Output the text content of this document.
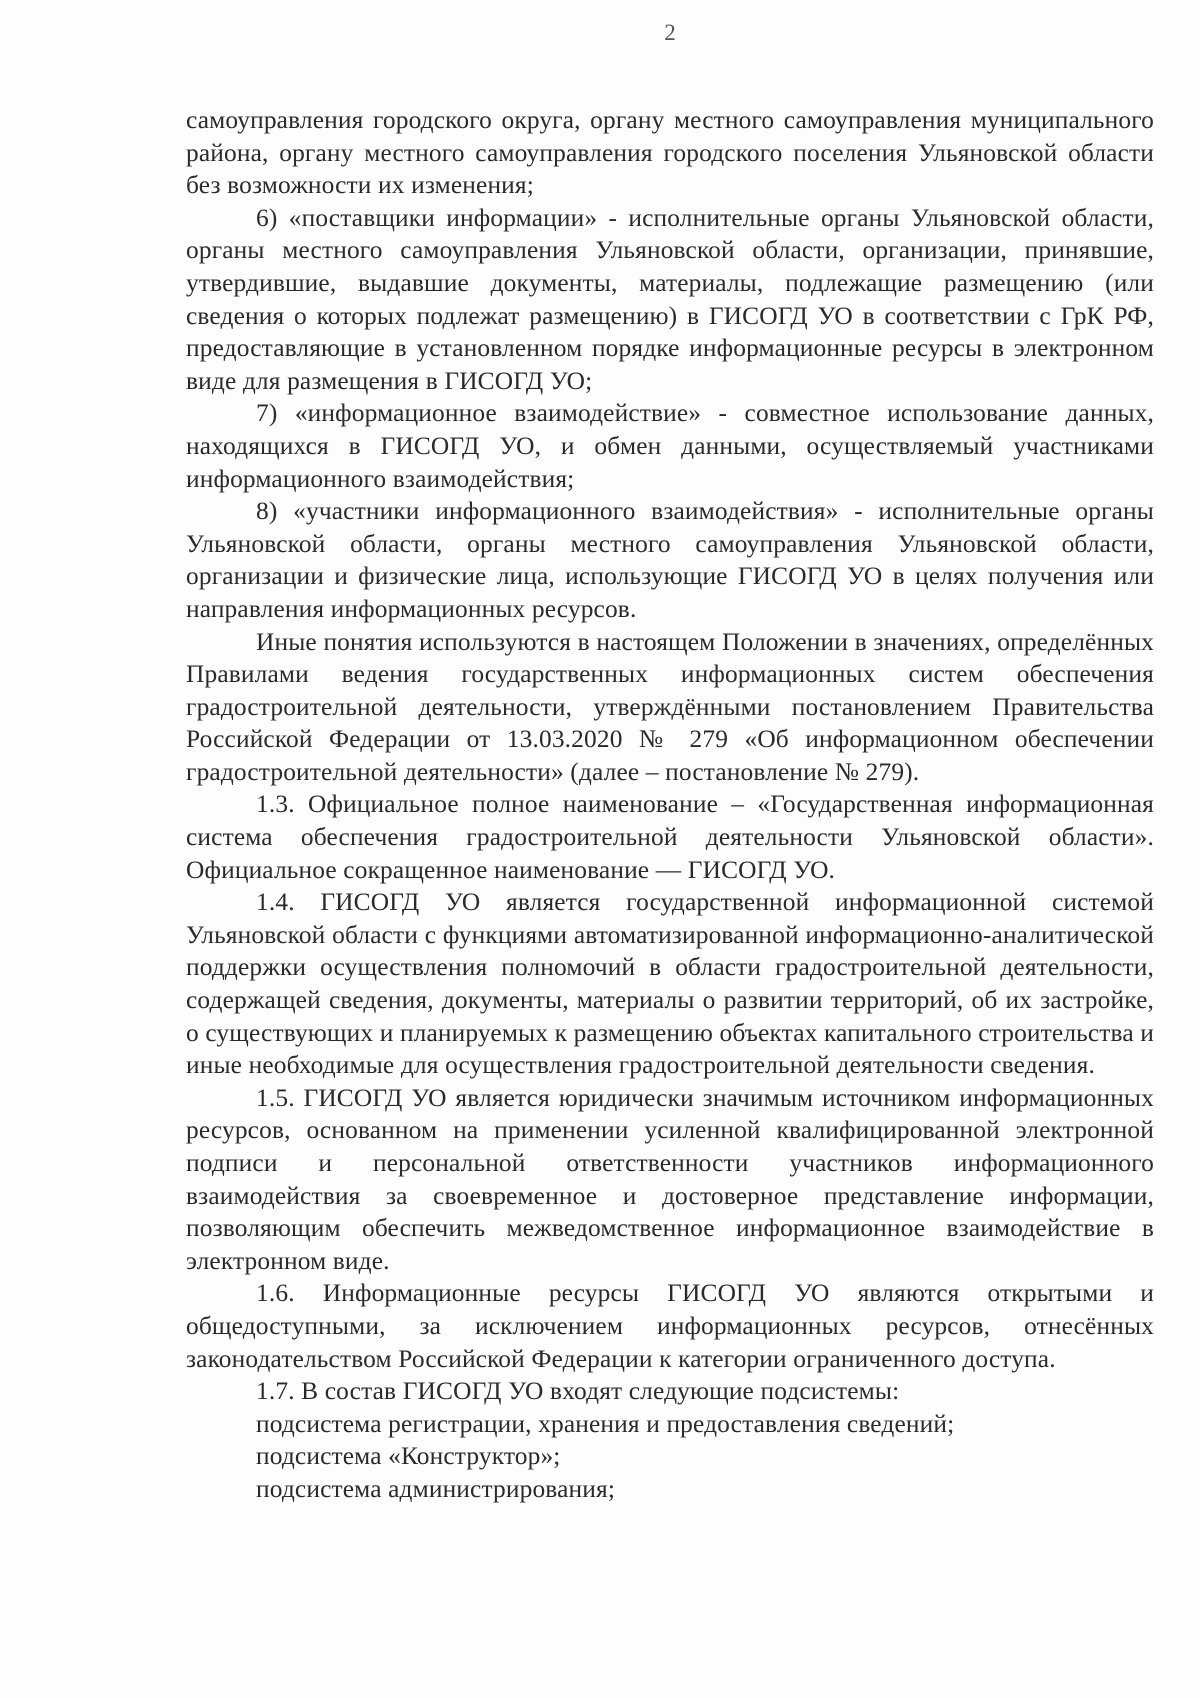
2

самоуправления городского округа, органу местного самоуправления муниципального района, органу местного самоуправления городского поселения Ульяновской области без возможности их изменения;

6) «поставщики информации» - исполнительные органы Ульяновской области, органы местного самоуправления Ульяновской области, организации, принявшие, утвердившие, выдавшие документы, материалы, подлежащие размещению (или сведения о которых подлежат размещению) в ГИСОГД УО в соответствии с ГрК РФ, предоставляющие в установленном порядке информационные ресурсы в электронном виде для размещения в ГИСОГД УО;

7) «информационное взаимодействие» - совместное использование данных, находящихся в ГИСОГД УО, и обмен данными, осуществляемый участниками информационного взаимодействия;

8) «участники информационного взаимодействия» - исполнительные органы Ульяновской области, органы местного самоуправления Ульяновской области, организации и физические лица, использующие ГИСОГД УО в целях получения или направления информационных ресурсов.

Иные понятия используются в настоящем Положении в значениях, определённых Правилами ведения государственных информационных систем обеспечения градостроительной деятельности, утверждёнными постановлением Правительства Российской Федерации от 13.03.2020 № 279 «Об информационном обеспечении градостроительной деятельности» (далее – постановление № 279).

1.3. Официальное полное наименование – «Государственная информационная система обеспечения градостроительной деятельности Ульяновской области». Официальное сокращенное наименование — ГИСОГД УО.

1.4. ГИСОГД УО является государственной информационной системой Ульяновской области с функциями автоматизированной информационно-аналитической поддержки осуществления полномочий в области градостроительной деятельности, содержащей сведения, документы, материалы о развитии территорий, об их застройке, о существующих и планируемых к размещению объектах капитального строительства и иные необходимые для осуществления градостроительной деятельности сведения.

1.5. ГИСОГД УО является юридически значимым источником информационных ресурсов, основанном на применении усиленной квалифицированной электронной подписи и персональной ответственности участников информационного взаимодействия за своевременное и достоверное представление информации, позволяющим обеспечить межведомственное информационное взаимодействие в электронном виде.

1.6. Информационные ресурсы ГИСОГД УО являются открытыми и общедоступными, за исключением информационных ресурсов, отнесённых законодательством Российской Федерации к категории ограниченного доступа.

1.7. В состав ГИСОГД УО входят следующие подсистемы:

подсистема регистрации, хранения и предоставления сведений;

подсистема «Конструктор»;

подсистема администрирования;
